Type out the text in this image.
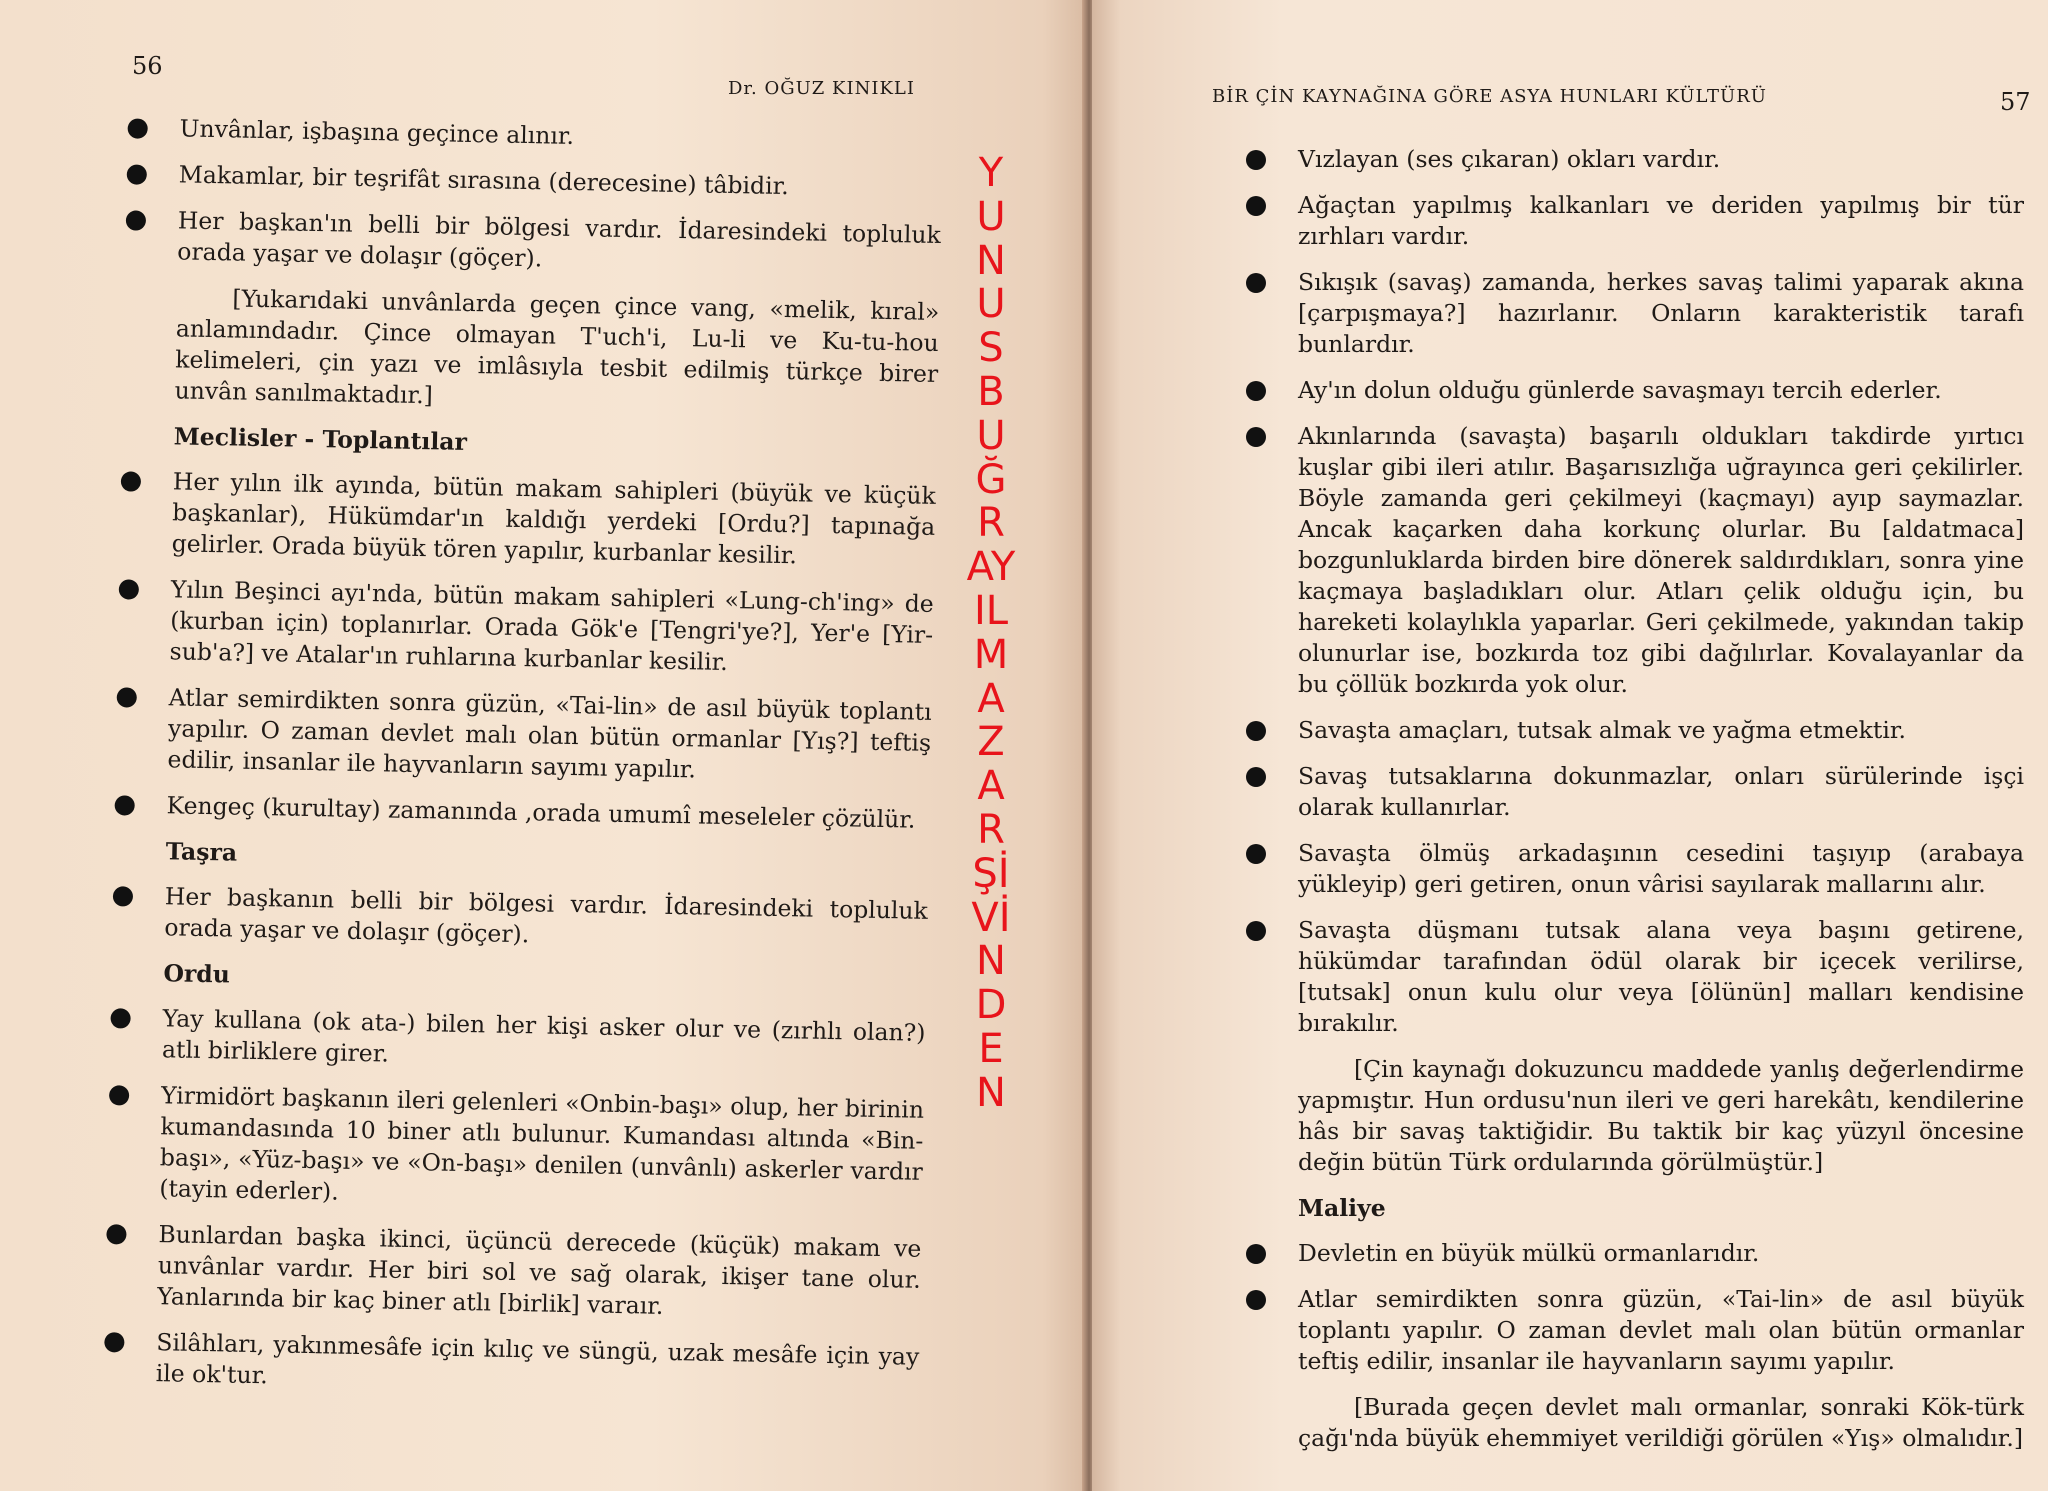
56
Dr. OĞUZ KINIKLI
Unvânlar, işbaşına geçince alınır.
Makamlar, bir teşrifât sırasına (derecesine) tâbidir.
Her başkan'ın belli bir bölgesi vardır. İdaresindeki topluluk orada yaşar ve dolaşır (göçer).
[Yukarıdaki unvânlarda geçen çince vang, «melik, kıral» anlamındadır. Çince olmayan T'uch'i, Lu-li ve Ku-tu-hou kelimeleri, çin yazı ve imlâsıyla tesbit edilmiş türkçe birer unvân sanılmaktadır.]
Meclisler - Toplantılar
Her yılın ilk ayında, bütün makam sahipleri (büyük ve küçük başkanlar), Hükümdar'ın kaldığı yerdeki [Ordu?] tapınağa gelirler. Orada büyük tören yapılır, kurbanlar kesilir.
Yılın Beşinci ayı'nda, bütün makam sahipleri «Lung-ch'ing» de (kurban için) toplanırlar. Orada Gök'e [Tengri'ye?], Yer'e [Yir-sub'a?] ve Atalar'ın ruhlarına kurbanlar kesilir.
Atlar semirdikten sonra güzün, «Tai-lin» de asıl büyük toplantı yapılır. O zaman devlet malı olan bütün ormanlar [Yış?] teftiş edilir, insanlar ile hayvanların sayımı yapılır.
Kengeç (kurultay) zamanında ,orada umumî meseleler çözülür.
Taşra
Her başkanın belli bir bölgesi vardır. İdaresindeki topluluk orada yaşar ve dolaşır (göçer).
Ordu
Yay kullana (ok ata-) bilen her kişi asker olur ve (zırhlı olan?) atlı birliklere girer.
Yirmidört başkanın ileri gelenleri «Onbin-başı» olup, her birinin kumandasında 10 biner atlı bulunur. Kumandası altında «Bin-başı», «Yüz-başı» ve «On-başı» denilen (unvânlı) askerler vardır (tayin ederler).
Bunlardan başka ikinci, üçüncü derecede (küçük) makam ve unvânlar vardır. Her biri sol ve sağ olarak, ikişer tane olur. Yanlarında bir kaç biner atlı [birlik] varaır.
Silâhları, yakınmesâfe için kılıç ve süngü, uzak mesâfe için yay ile ok'tur.
BİR ÇİN KAYNAĞINA GÖRE ASYA HUNLARI KÜLTÜRÜ	57
Vızlayan (ses çıkaran) okları vardır.
Ağaçtan yapılmış kalkanları ve deriden yapılmış bir tür zırhları vardır.
Sıkışık (savaş) zamanda, herkes savaş talimi yaparak akına [çarpışmaya?] hazırlanır. Onların karakteristik tarafı bunlardır.
Ay'ın dolun olduğu günlerde savaşmayı tercih ederler.
Akınlarında (savaşta) başarılı oldukları takdirde yırtıcı kuşlar gibi ileri atılır. Başarısızlığa uğrayınca geri çekilirler. Böyle zamanda geri çekilmeyi (kaçmayı) ayıp saymazlar. Ancak kaçarken daha korkunç olurlar. Bu [aldatmaca] bozgunluklarda birden bire dönerek saldırdıkları, sonra yine kaçmaya başladıkları olur. Atları çelik olduğu için, bu hareketi kolaylıkla yaparlar. Geri çekilmede, yakından takip olunurlar ise, bozkırda toz gibi dağılırlar. Kovalayanlar da bu çöllük bozkırda yok olur.
Savaşta amaçları, tutsak almak ve yağma etmektir.
Savaş tutsaklarına dokunmazlar, onları sürülerinde işçi olarak kullanırlar.
Savaşta ölmüş arkadaşının cesedini taşıyıp (arabaya yükleyip) geri getiren, onun vârisi sayılarak mallarını alır.
Savaşta düşmanı tutsak alana veya başını getirene, hükümdar tarafından ödül olarak bir içecek verilirse, [tutsak] onun kulu olur veya [ölünün] malları kendisine bırakılır.
[Çin kaynağı dokuzuncu maddede yanlış değerlendirme yapmıştır. Hun ordusu'nun ileri ve geri harekâtı, kendilerine hâs bir savaş taktiğidir. Bu taktik bir kaç yüzyıl öncesine değin bütün Türk ordularında görülmüştür.]
Maliye
Devletin en büyük mülkü ormanlarıdır.
Atlar semirdikten sonra güzün, «Tai-lin» de asıl büyük toplantı yapılır. O zaman devlet malı olan bütün ormanlar teftiş edilir, insanlar ile hayvanların sayımı yapılır.
[Burada geçen devlet malı ormanlar, sonraki Kök-türk çağı'nda büyük ehemmiyet verildiği görülen «Yış» olmalıdır.]
YUNUSBUĞRAYILMAZARŞİVİNDEN
